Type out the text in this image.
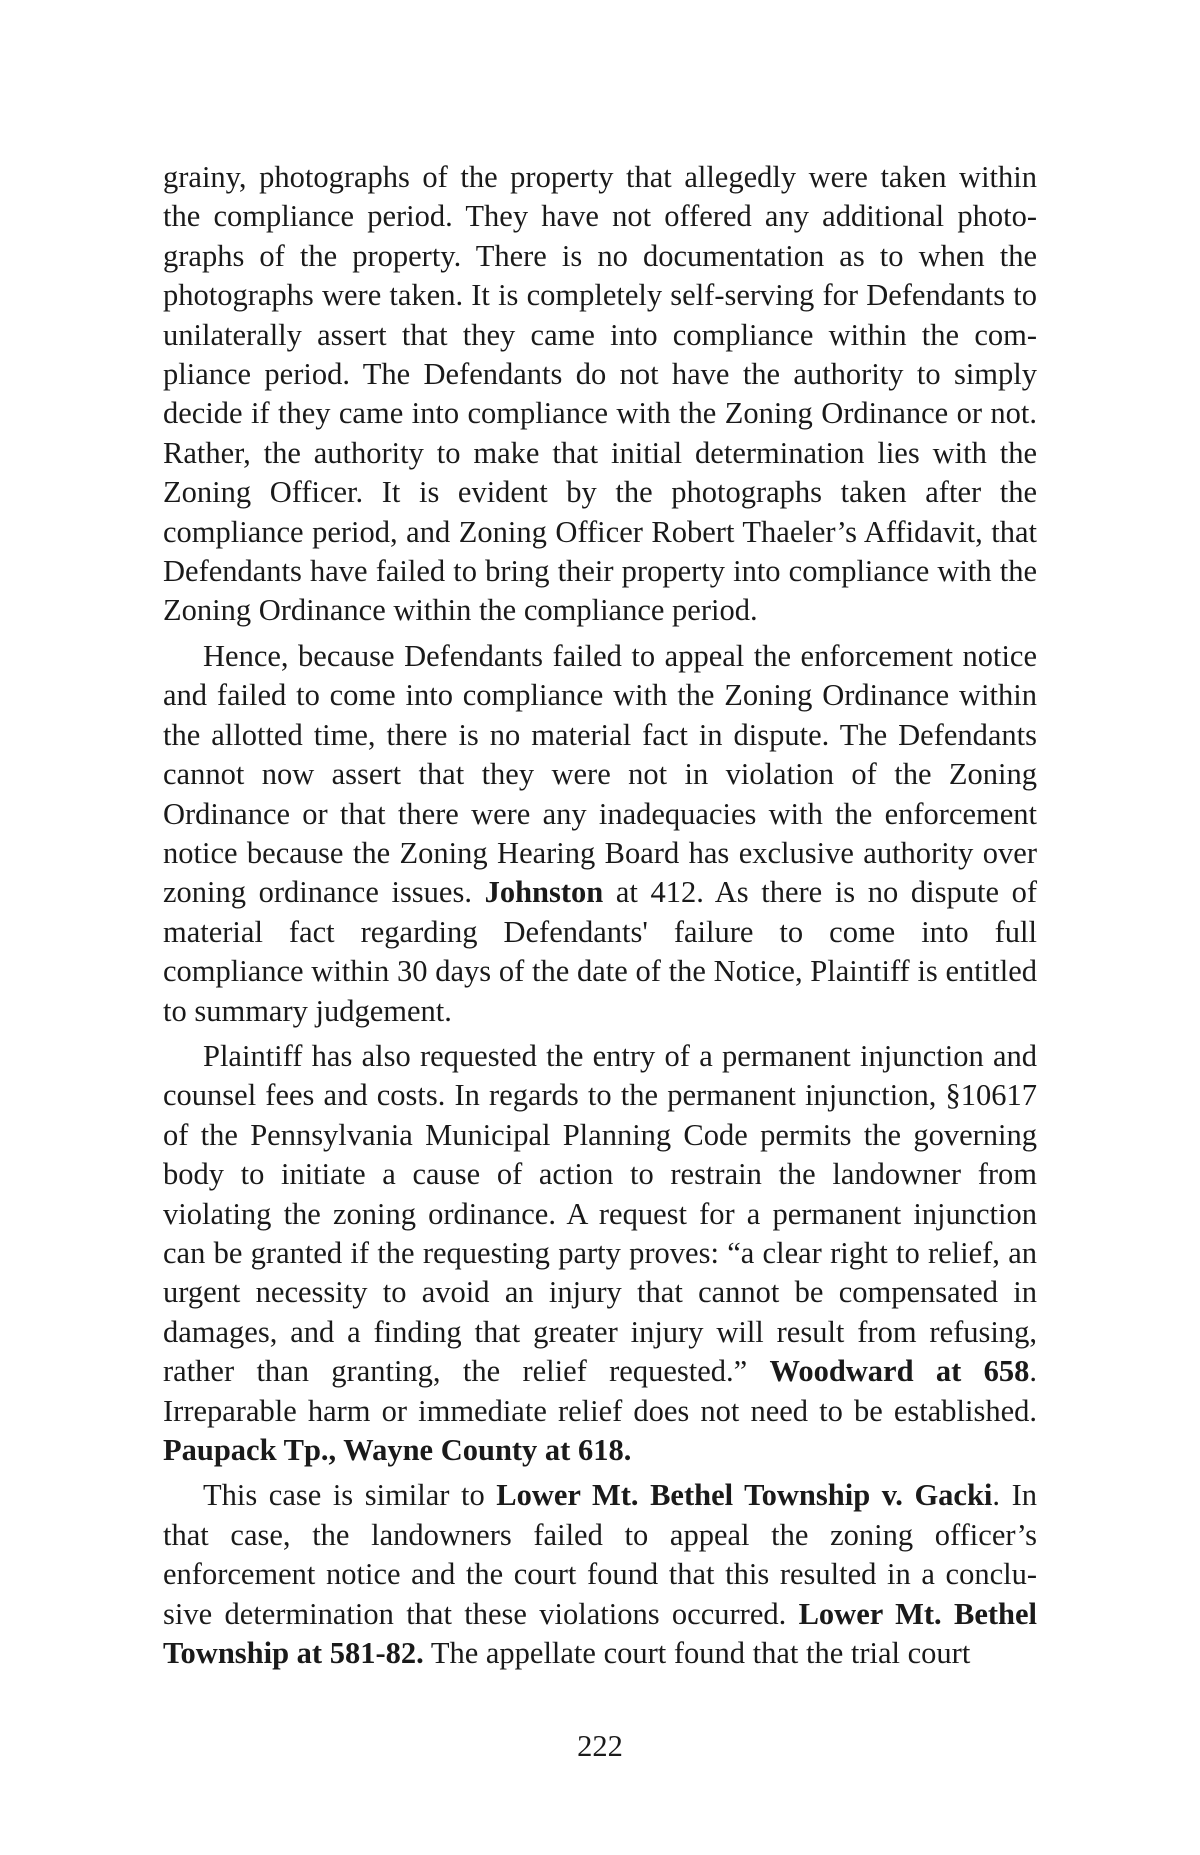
grainy, photographs of the property that allegedly were taken within the compliance period. They have not offered any additional photographs of the property. There is no documentation as to when the photographs were taken. It is completely self-serving for Defendants to unilaterally assert that they came into compliance within the compliance period. The Defendants do not have the authority to simply decide if they came into compliance with the Zoning Ordinance or not. Rather, the authority to make that initial determination lies with the Zoning Officer. It is evident by the photographs taken after the compliance period, and Zoning Officer Robert Thaeler’s Affidavit, that Defendants have failed to bring their property into compliance with the Zoning Ordinance within the compliance period.

Hence, because Defendants failed to appeal the enforcement notice and failed to come into compliance with the Zoning Ordinance within the allotted time, there is no material fact in dispute. The Defendants cannot now assert that they were not in violation of the Zoning Ordinance or that there were any inadequacies with the enforcement notice because the Zoning Hearing Board has exclusive authority over zoning ordinance issues. Johnston at 412. As there is no dispute of material fact regarding Defendants' failure to come into full compliance within 30 days of the date of the Notice, Plaintiff is entitled to summary judgement.

Plaintiff has also requested the entry of a permanent injunction and counsel fees and costs. In regards to the permanent injunction, §10617 of the Pennsylvania Municipal Planning Code permits the governing body to initiate a cause of action to restrain the landowner from violating the zoning ordinance. A request for a permanent injunction can be granted if the requesting party proves: “a clear right to relief, an urgent necessity to avoid an injury that cannot be compensated in damages, and a finding that greater injury will result from refusing, rather than granting, the relief requested.” Woodward at 658. Irreparable harm or immediate relief does not need to be established. Paupack Tp., Wayne County at 618.

This case is similar to Lower Mt. Bethel Township v. Gacki. In that case, the landowners failed to appeal the zoning officer’s enforcement notice and the court found that this resulted in a conclusive determination that these violations occurred. Lower Mt. Bethel Township at 581-82. The appellate court found that the trial court

222
